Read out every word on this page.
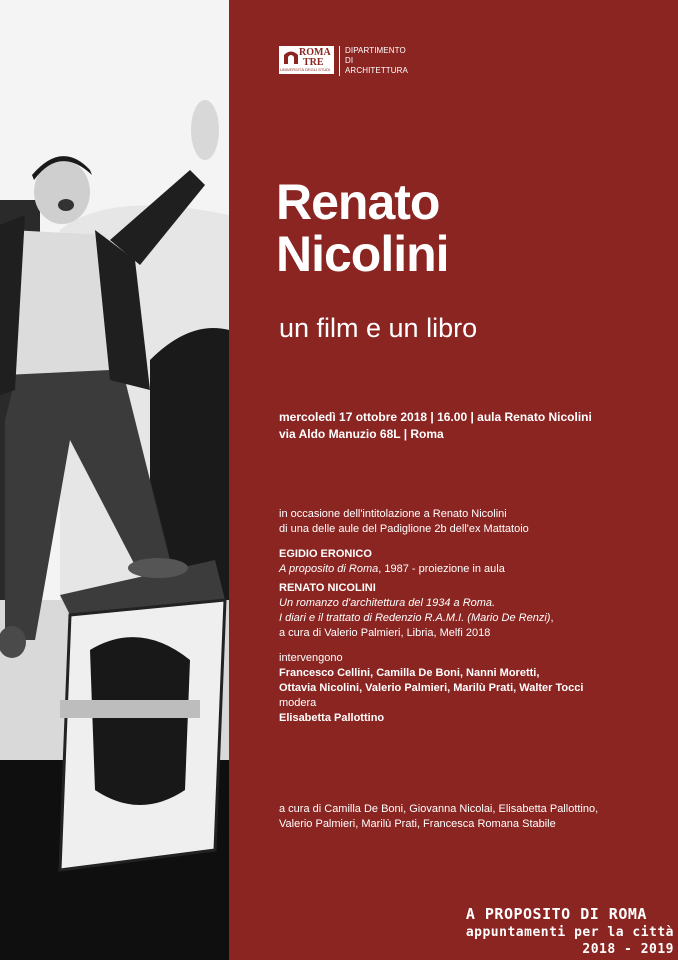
ROMA
TRE
UNIVERSITÀ DEGLI STUDI
DIPARTIMENTO
DI
ARCHITETTURA
Renato
Nicolini
un film e un libro
mercoledì 17 ottobre 2018 | 16.00 | aula Renato Nicolini
via Aldo Manuzio 68L | Roma
in occasione dell'intitolazione a Renato Nicolini
di una delle aule del Padiglione 2b dell'ex Mattatoio
EGIDIO ERONICO
A proposito di Roma, 1987 - proiezione in aula
RENATO NICOLINI
Un romanzo d'architettura del 1934 a Roma.
I diari e il trattato di Redenzio R.A.M.I. (Mario De Renzi),
a cura di Valerio Palmieri, Libria, Melfi 2018
intervengono
Francesco Cellini, Camilla De Boni, Nanni Moretti,
Ottavia Nicolini, Valerio Palmieri, Marilù Prati, Walter Tocci
modera
Elisabetta Pallottino
a cura di Camilla De Boni, Giovanna Nicolai, Elisabetta Pallottino,
Valerio Palmieri, Marilù Prati, Francesca Romana Stabile
A PROPOSITO DI ROMA
appuntamenti per la città
2018 - 2019
